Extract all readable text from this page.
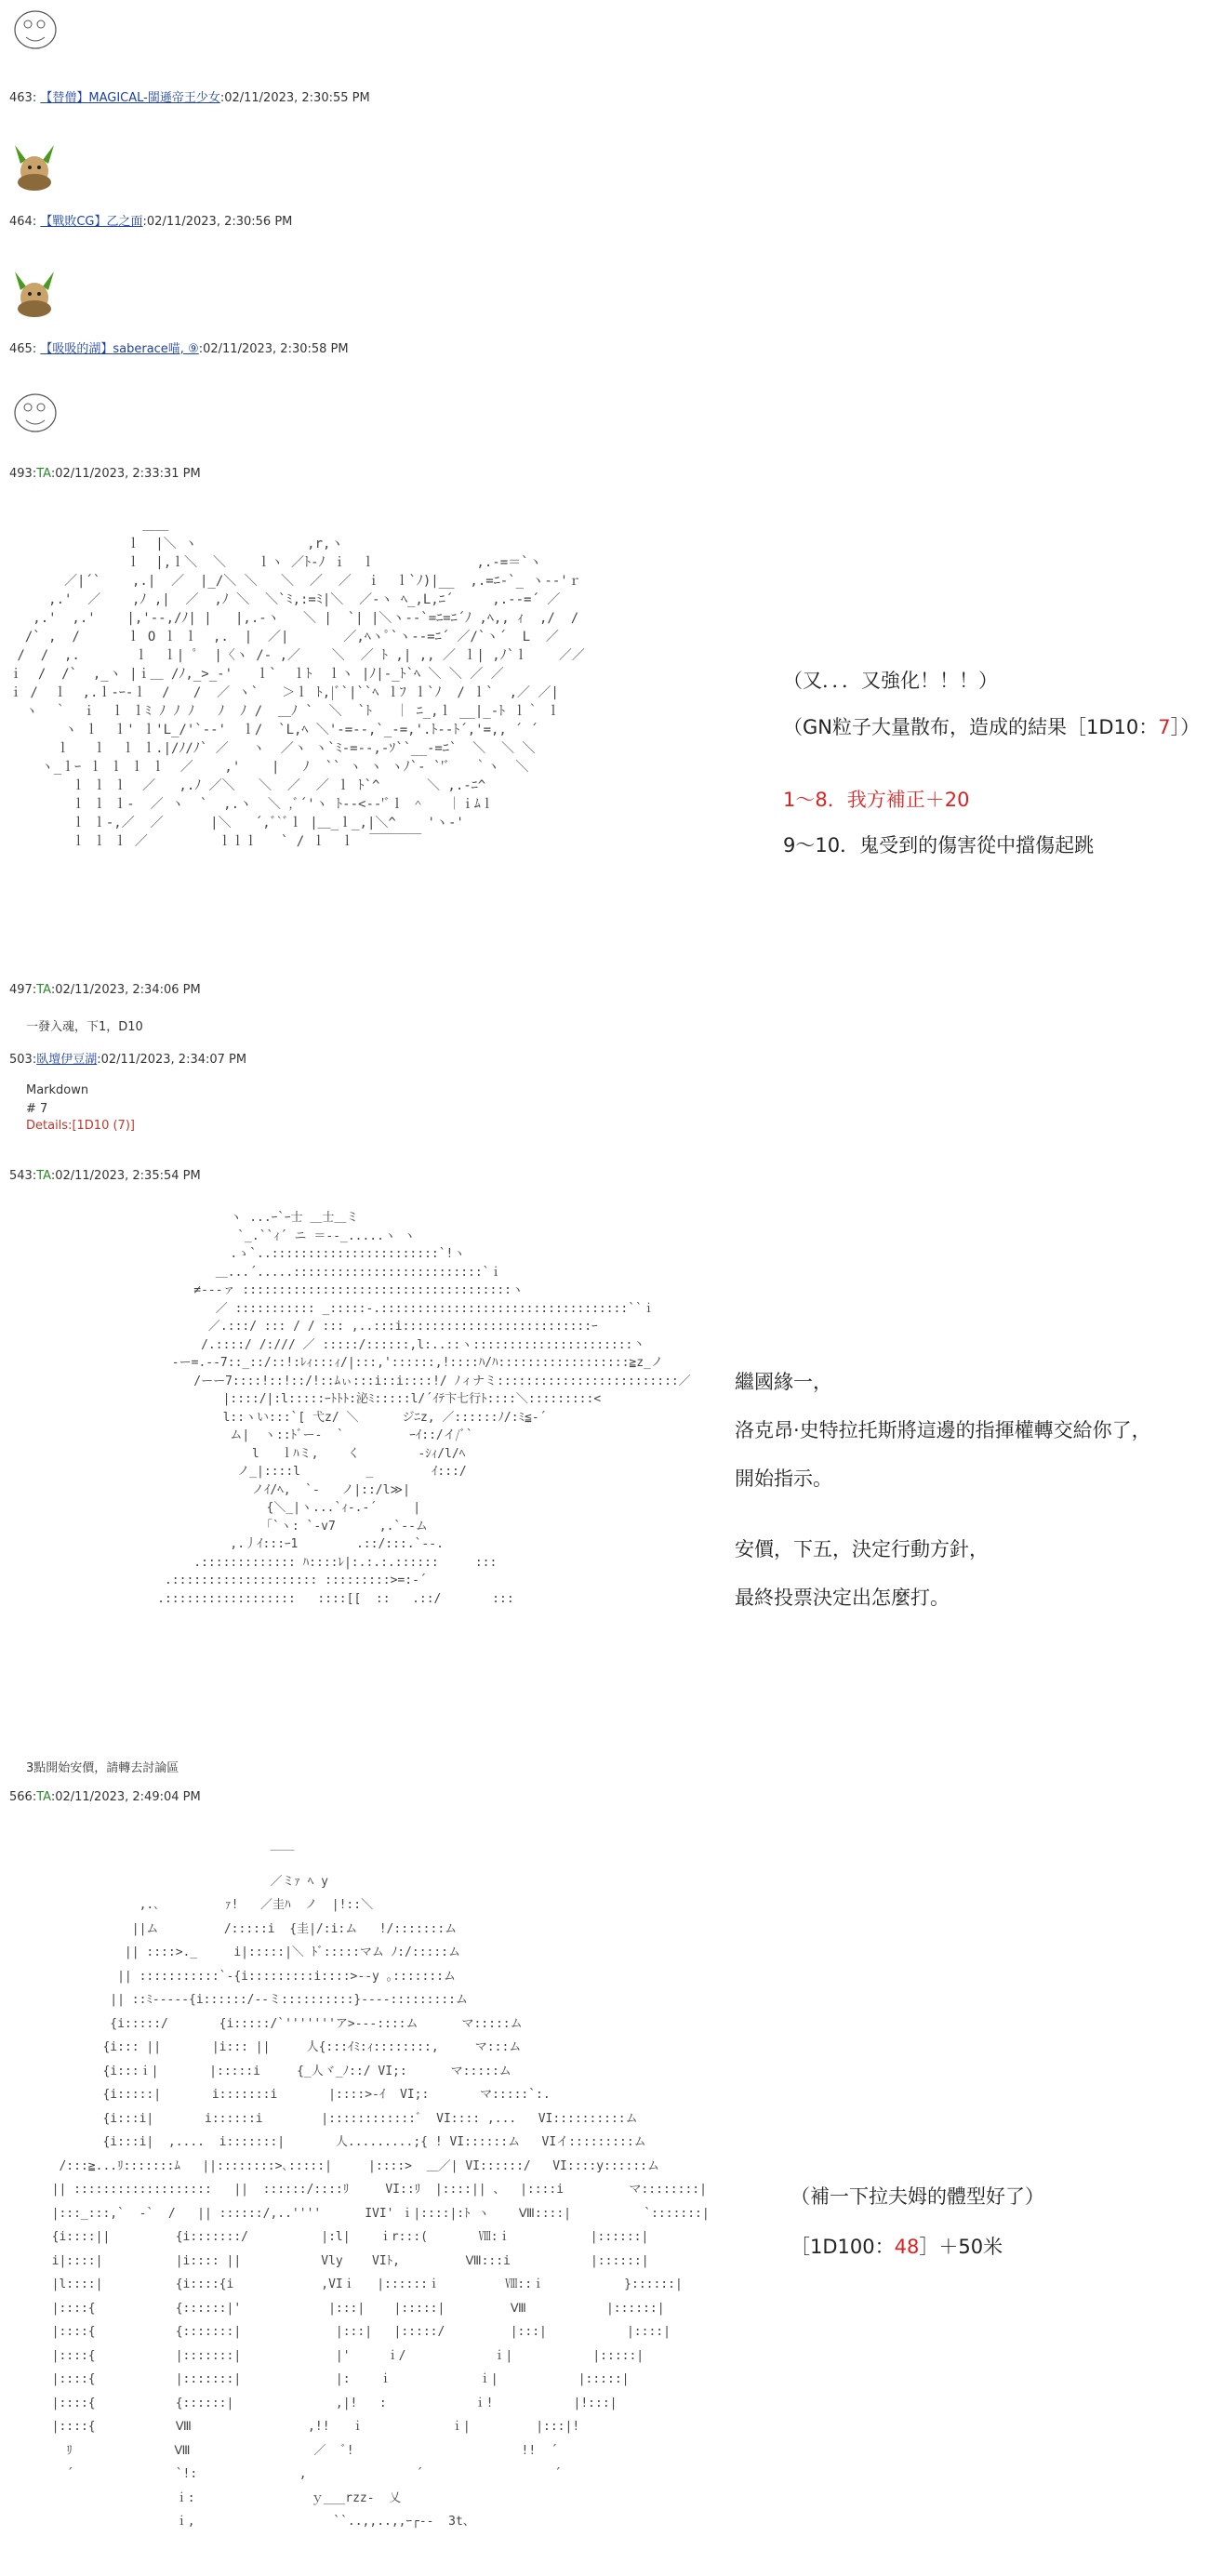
463: 【替僧】MAGICAL-閩遜帝王少女:02/11/2023, 2:30:55 PM
464: 【戰敗CG】乙之面:02/11/2023, 2:30:56 PM
465: 【吸吸的湖】saberace喵, ⑨:02/11/2023, 2:30:58 PM
493:TA:02/11/2023, 2:33:31 PM
＿＿
ｌ  |＼ ヽ              ,r,ヽ
ｌ  |,ｌ＼  ＼    ｌヽ ／ﾄ-ﾉ ｉ  ｌ             ,.-=＝`ヽ
／|´`    ,.|  ／  |_/＼ ＼   ＼  ／  ／  ｉ  ｌ`ﾉ)|__  ,.=ﾆ-`_ ヽ--'ｒ
,.'  ／    ,ﾉ ,|  ／  ,ﾉ ＼  ＼`ﾐ,:=ﾐ|＼  ／‐ヽ ﾍ_,L,ﾆ´     ,.--=´ ／
,.'  ,.'    |,'--,/ﾉ| |   |,.-ヽ   ＼ |  `| |＼ヽ-‐`=ﾆ=ﾆ´ﾉ ,ﾍ,, ｨ  ,/  /
/` ,  /      ｌ O ｌ ｌ  ,.  |  ／|       ／,ﾍヽﾟ`ヽ-‐=ﾆ´ ／/`ヽ´  L  ／
/  /  ,.       ｌ  ｌ| ﾟ  |〈ヽ /‐ ,／    ＼  ／ ﾄ ,| ,, ／ ｌ| ,ﾉ`ｌ    ／／
ｉ  /  /`  ,_ヽ |ｉ＿ /ﾉ,_>_-'   ｌ`  ｌﾄ  ｌヽ |ﾉ|-_ﾄ`ﾍ ＼ ＼ ／ ／
ｉ /  ｌ  ,.ｌ-ｰ‐ｌ  /   /  ／ ヽ`   ＞ｌ ﾄ,|ﾞ`|``ﾍ ｌﾌ ｌ`ﾉ  / ｌ`  ,／ ／|
ヽ  ｀  ｉ  ｌ ｌﾐ ﾉ ﾉ ﾉ   ﾉ  ﾉ /  ＿ﾉ `  ＼  `ﾄ   ｜ ﾆ_,ｌ __|_-ﾄ ｌ｀ ｌ
ヽ ｌ  ｌ' ｌ'L_/'`-‐'  ｌ/  `L,ﾍ ＼'-=‐-,`_-=,'.ﾄ-‐ﾄ´,'=,, ´ ´
ｌ   ｌ  ｌ ｌ.|/ﾉ/ﾉ` ／   ヽ  ／ヽ ヽ`ﾐ-=--,-ｿ``__-=ﾆ`  ＼  ＼ ＼
ヽ_ｌｰ ｌ ｌ ｌ ｌ  ／    ,'    |   ﾉ  `` ヽ ヽ ヽﾉ`- `'ﾞ   ｀ヽ  ＼
ｌ ｌ ｌ  ／   ,.ﾉ ／＼   ＼  ／  ／ ｌ ﾄ`^      ＼ ,.-ﾆ^
ｌ ｌ ｌ-  ／ ヽ  `  ,.ヽ  ＼ ,ﾞ´'ヽ ﾄ-‐<‐-'ﾞｌ ＾   ｜ｉﾑｌ
ｌ ｌ-,／  ／      |＼   ´,ﾞ`ﾞｌ |＿_ｌ_,|＼^    'ヽ-'
ｌ ｌ ｌ ／         ｌｌｌ   ` / ｌ  ｌ  ￣￣￣￣
（又．．．又強化！！！）
（GN粒子大量散布，造成的結果［1D10：7］）
1～8．我方補正＋20
9～10．鬼受到的傷害從中擋傷起跳
497:TA:02/11/2023, 2:34:06 PM
一發入魂，下1，D10
503:臥壇伊豆湖:02/11/2023, 2:34:07 PM
Markdown
# 7
Details:[1D10 (7)]
543:TA:02/11/2023, 2:35:54 PM
ヽ ...ｰ`ｰ士 ＿士＿ミ
`_.``ｨ´ ニ ＝‐-_.....ヽ ヽ
.ゝ`..:::::::::::::::::::::::`!ヽ
＿...´.....::::::::::::::::::::::::::`ｉ
≠‐‐‐ァ :::::::::::::::::::::::::::::::::::::ヽ
／ ::::::::::: _:::::-.::::::::::::::::::::::::::::::::::``ｉ
／.:::/ ::: / / ::: ,..:::i::::::::::::::::::::::::::ｰ
/.::::/ /:/// ／ :::::/::::::,l:..::ヽ::::::::::::::::::::::丶
‐ー=.‐-7::_::/::!:ﾚｨ:::ｨ/|:::,'::::::,!::::ﾊ/ﾊ::::::::::::::::::≧z_ノ
/ーー7::::!::!::/!::ﾑぃ:::i::i::::!/ ﾉィナミ:::::::::::::::::::::::::／
|::::/|:l:::::ｰﾄﾄﾄ:泌ﾐ:::::l/´ｲﾃ卞七行ﾄ::::＼:::::::::<
l::ヽい:::`[ 弋z/ ＼      ジﾆz, ／::::::ﾉ/:ﾐ≦‐´
ム|  ヽ::ﾄﾞー‐  `         ｰｲ::/イ/ﾞ`
l   ｌﾊミ,    く        -ｼｨ/l/ﾍ
ノ_|::::l         _        ｲ:::/
ノｲ/ﾍ,  `‐   ノ|::/l≫|
{＼_|ヽ...`ｨ‐.‐´     |
｢`ヽ: `‐v7      ,.`‐‐ム
,.丿ｲ:::ｰ1        .::/:::.`‐‐.
.::::::::::::: ﾊ::::ﾚ|:.:.:.::::::     :::
.:::::::::::::::::::: :::::::::>=:-´
.::::::::::::::::::   ::::[[  ::   .::/       :::
繼國緣一，
洛克昂·史特拉托斯將這邊的指揮權轉交給你了，
開始指示。
安價，下五，決定行動方針，
最終投票決定出怎麼打。
3點開始安價，請轉去討論區
566:TA:02/11/2023, 2:49:04 PM
￣￣
／ミｧ ﾍ y
,.､         ｧ!   ／圭ﾊ  ノ  |!::＼
||ム         /:::::i  {圭|/:i:ム   !/:::::::ム
|| ::::>._     i|:::::|＼ ﾄﾞ:::::マム ﾉ:/:::::ム
|| :::::::::::`‐{i:::::::::i::::>‐‐y ｡:::::::ム
|| ::ﾐ‐‐‐‐‐{i::::::/‐‐ミ::::::::::}‐‐‐‐:::::::::ム
{i:::::/       {i:::::/`'''''''ア>‐‐‐::::ム      マ:::::ム
{i::: ||       |i::: ||     人{:::ｲﾐ:ｨ::::::::,     マ:::ム
{i:::ｉ|       |:::::i     {_人ヾ_ﾉ::/ VI;:      マ:::::ム
{i:::::|       i:::::::i       |::::>-ｲ  VI;:       マ:::::`:.
{i:::i|       i::::::i        |::::::::::::ﾞ  VI:::: ,...   VI::::::::::ム
{i:::i|  ,....  i:::::::|       人.........;{ ! VI::::::ム   VIイ:::::::::ム
/:::≧...ﾘ:::::::ﾑ   ||::::::::>､:::::|     |::::>  ＿／| VI::::::/   VI::::y::::::ム
|| :::::::::::::::::::   ||  ::::::/::::ﾘ     VI::ﾘ  |::::|| 、  |::::i         マ::::::::|
|:::_:::,`  ‐`  /   || ::::::/,..''''      IVI' ｉ|::::|:ﾄ ヽ    Ⅷ::::|          `:::::::|
{i::::||         {i:::::::/          |:l|    ｉr:::(       Ⅷ:ｉ           |::::::|
i|::::|          |i:::: ||           Vly    VIﾄ,         Ⅷ:::i           |::::::|
|l::::|          {i::::{i            ,VIｉ   |::::::ｉ         Ⅷ::ｉ           }::::::|
|::::{           {::::::|'            |:::|    |:::::|         Ⅷ           |::::::|
|::::{           {:::::::|             |:::|   |:::::/         |:::|           |::::|
|::::{           |:::::::|             |'     ｉ/            ｉ|           |:::::|
|::::{           |:::::::|             |:    ｉ            ｉ|           |:::::|
|::::{           {::::::|              ,|!   :            ｉ!           |!:::|
|::::{           Ⅷ                ,!!   ｉ            ｉ|         |:::|!
ﾘ              Ⅷ                 ／  ﾞ!                       !!  ´
´              `!:              ,               ´                  ´
ｉ:                ｙ___rzz-  乂
ｉ,                   ``..,,..,,ｰ┌‐‐  3t、
（補一下拉夫姆的體型好了）
［1D100：48］＋50米
